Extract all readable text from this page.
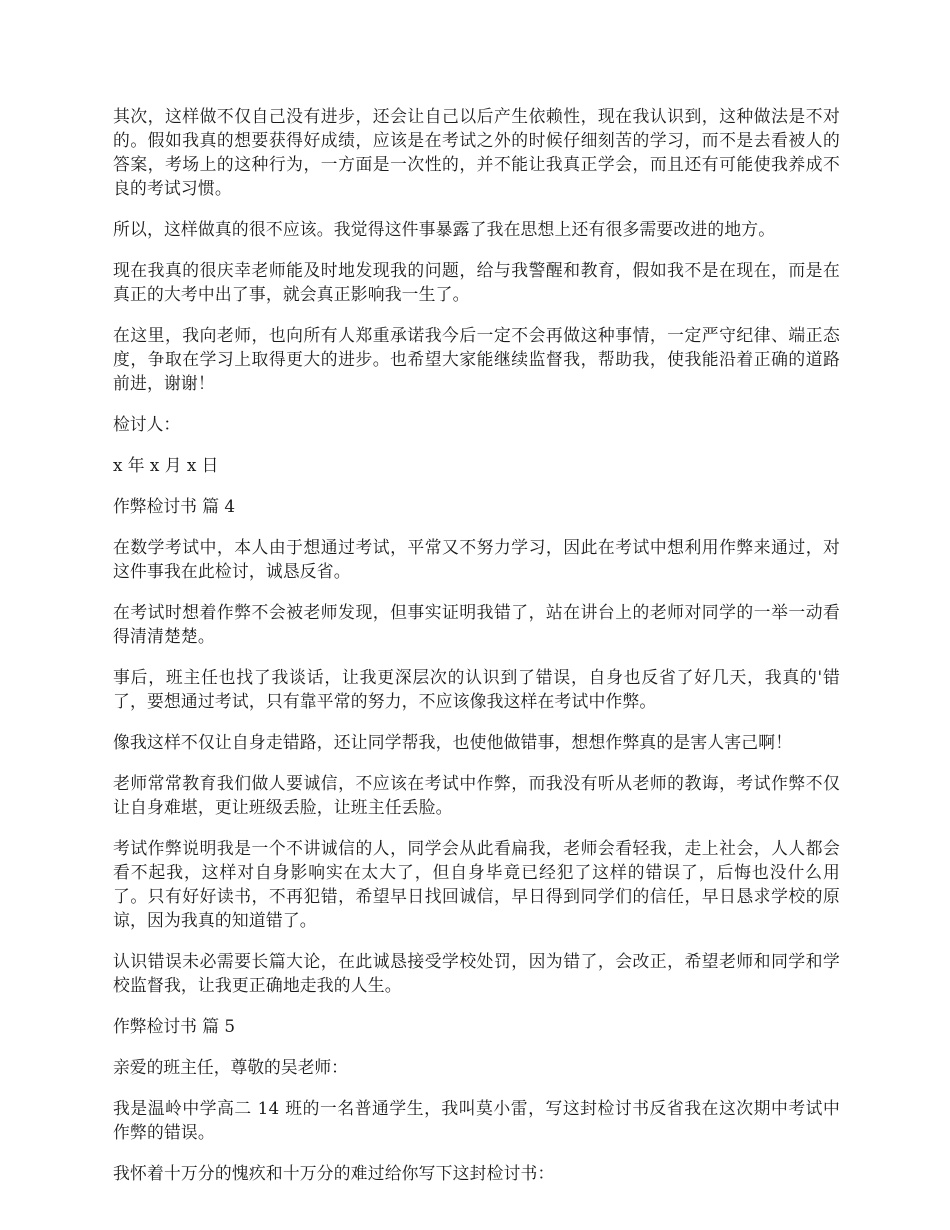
其次，这样做不仅自己没有进步，还会让自己以后产生依赖性，现在我认识到，这种做法是不对的。假如我真的想要获得好成绩，应该是在考试之外的时候仔细刻苦的学习，而不是去看被人的答案，考场上的这种行为，一方面是一次性的，并不能让我真正学会，而且还有可能使我养成不良的考试习惯。

所以，这样做真的很不应该。我觉得这件事暴露了我在思想上还有很多需要改进的地方。

现在我真的很庆幸老师能及时地发现我的问题，给与我警醒和教育，假如我不是在现在，而是在真正的大考中出了事，就会真正影响我一生了。

在这里，我向老师，也向所有人郑重承诺我今后一定不会再做这种事情，一定严守纪律、端正态度，争取在学习上取得更大的进步。也希望大家能继续监督我，帮助我，使我能沿着正确的道路前进，谢谢！

检讨人：

x 年 x 月 x 日

作弊检讨书 篇 4

在数学考试中，本人由于想通过考试，平常又不努力学习，因此在考试中想利用作弊来通过，对这件事我在此检讨，诚恳反省。

在考试时想着作弊不会被老师发现，但事实证明我错了，站在讲台上的老师对同学的一举一动看得清清楚楚。

事后，班主任也找了我谈话，让我更深层次的认识到了错误，自身也反省了好几天，我真的'错了，要想通过考试，只有靠平常的努力，不应该像我这样在考试中作弊。

像我这样不仅让自身走错路，还让同学帮我，也使他做错事，想想作弊真的是害人害己啊！

老师常常教育我们做人要诚信，不应该在考试中作弊，而我没有听从老师的教诲，考试作弊不仅让自身难堪，更让班级丢脸，让班主任丢脸。

考试作弊说明我是一个不讲诚信的人，同学会从此看扁我，老师会看轻我，走上社会，人人都会看不起我，这样对自身影响实在太大了，但自身毕竟已经犯了这样的错误了，后悔也没什么用了。只有好好读书，不再犯错，希望早日找回诚信，早日得到同学们的信任，早日恳求学校的原谅，因为我真的知道错了。

认识错误未必需要长篇大论，在此诚恳接受学校处罚，因为错了，会改正，希望老师和同学和学校监督我，让我更正确地走我的人生。

作弊检讨书 篇 5

亲爱的班主任，尊敬的吴老师：

我是温岭中学高二 14 班的一名普通学生，我叫莫小雷，写这封检讨书反省我在这次期中考试中作弊的错误。

我怀着十万分的愧疚和十万分的难过给你写下这封检讨书：
